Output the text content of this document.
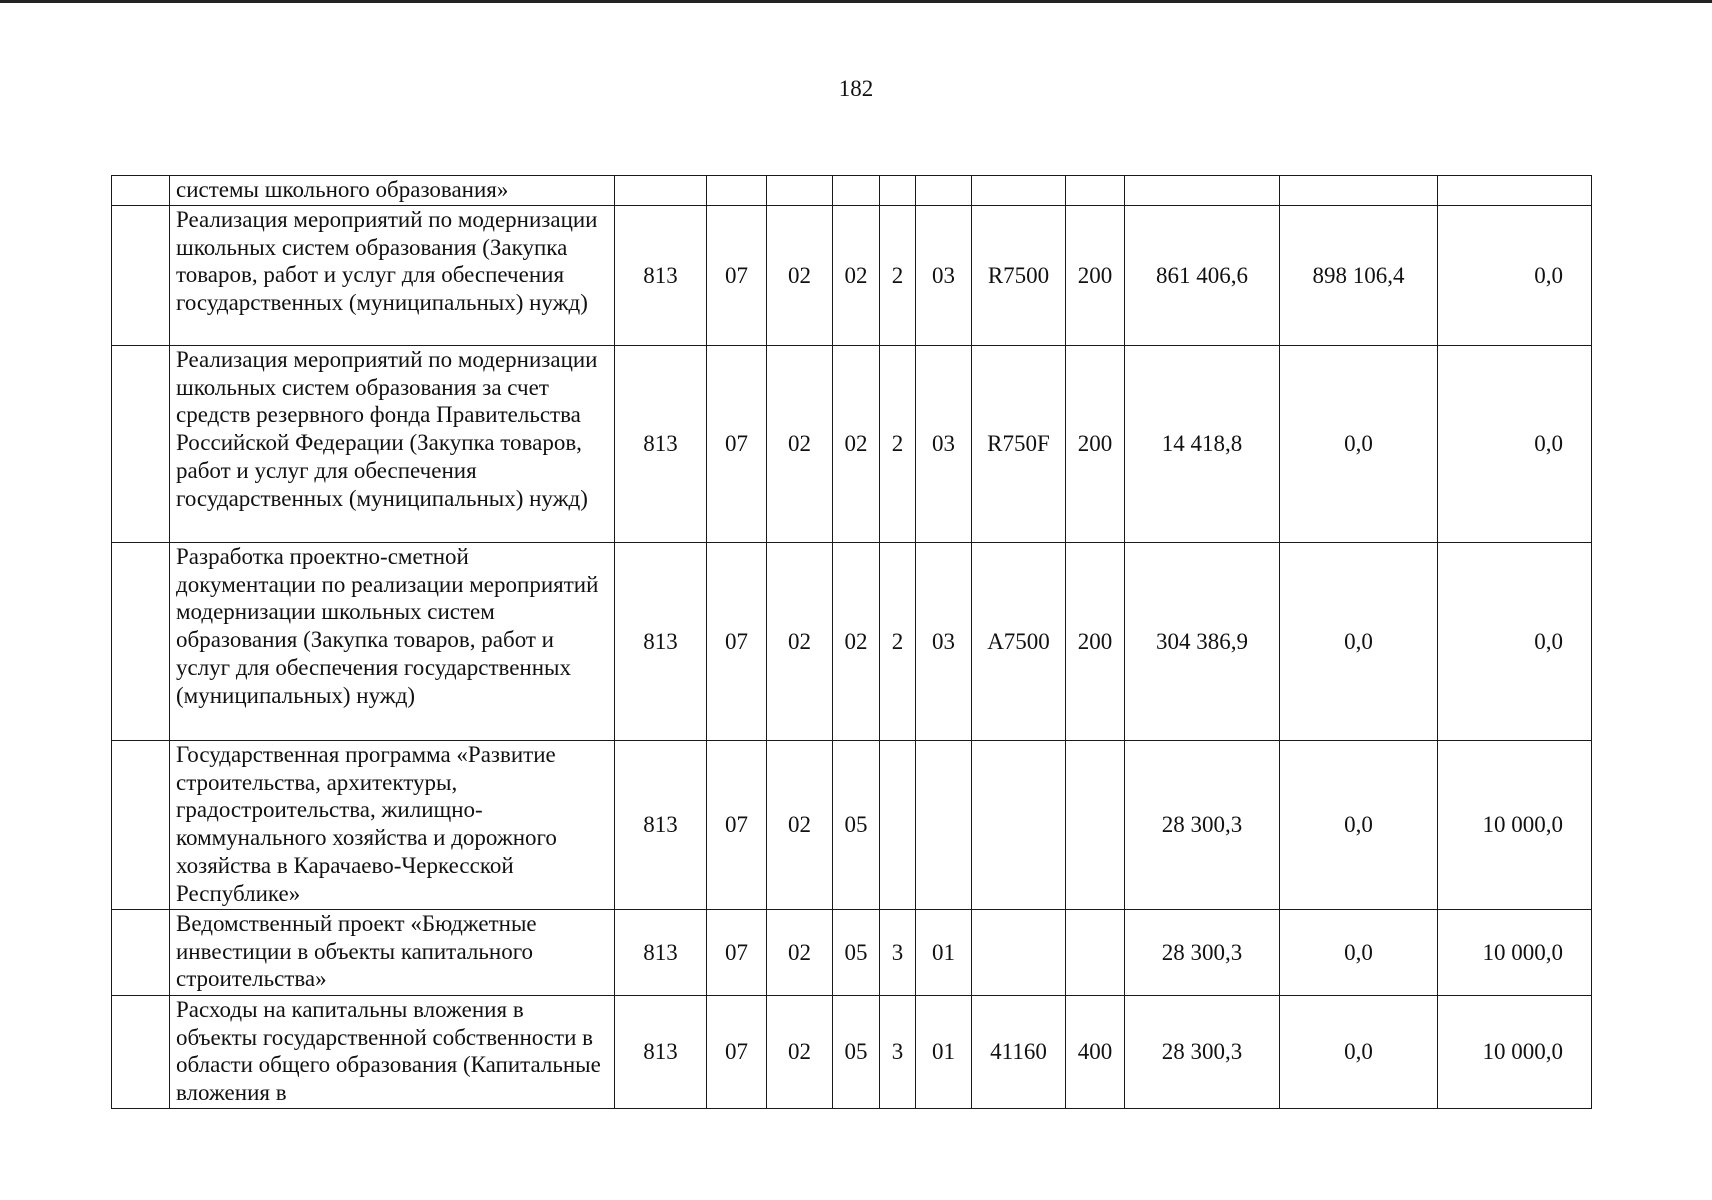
182
	системы школьного образования»											
	Реализация мероприятий по модернизации школьных систем образования (Закупка товаров, работ и услуг для обеспечения государственных (муниципальных) нужд)	813	07	02	02	2	03	R7500	200	861 406,6	898 106,4	0,0
	Реализация мероприятий по модернизации школьных систем образования за счет средств резервного фонда Правительства Российской Федерации (Закупка товаров, работ и услуг для обеспечения государственных (муниципальных) нужд)	813	07	02	02	2	03	R750F	200	14 418,8	0,0	0,0
	Разработка проектно-сметной документации по реализации мероприятий модернизации школьных систем образования (Закупка товаров, работ и услуг для обеспечения государственных (муниципальных) нужд)	813	07	02	02	2	03	А7500	200	304 386,9	0,0	0,0
	Государственная программа «Развитие строительства, архитектуры, градостроительства, жилищно-коммунального хозяйства и дорожного хозяйства в Карачаево-Черкесской Республике»	813	07	02	05					28 300,3	0,0	10 000,0
	Ведомственный проект «Бюджетные инвестиции в объекты капитального строительства»	813	07	02	05	3	01			28 300,3	0,0	10 000,0
	Расходы на капитальны вложения в объекты государственной собственности в области общего образования (Капитальные вложения в	813	07	02	05	3	01	41160	400	28 300,3	0,0	10 000,0
